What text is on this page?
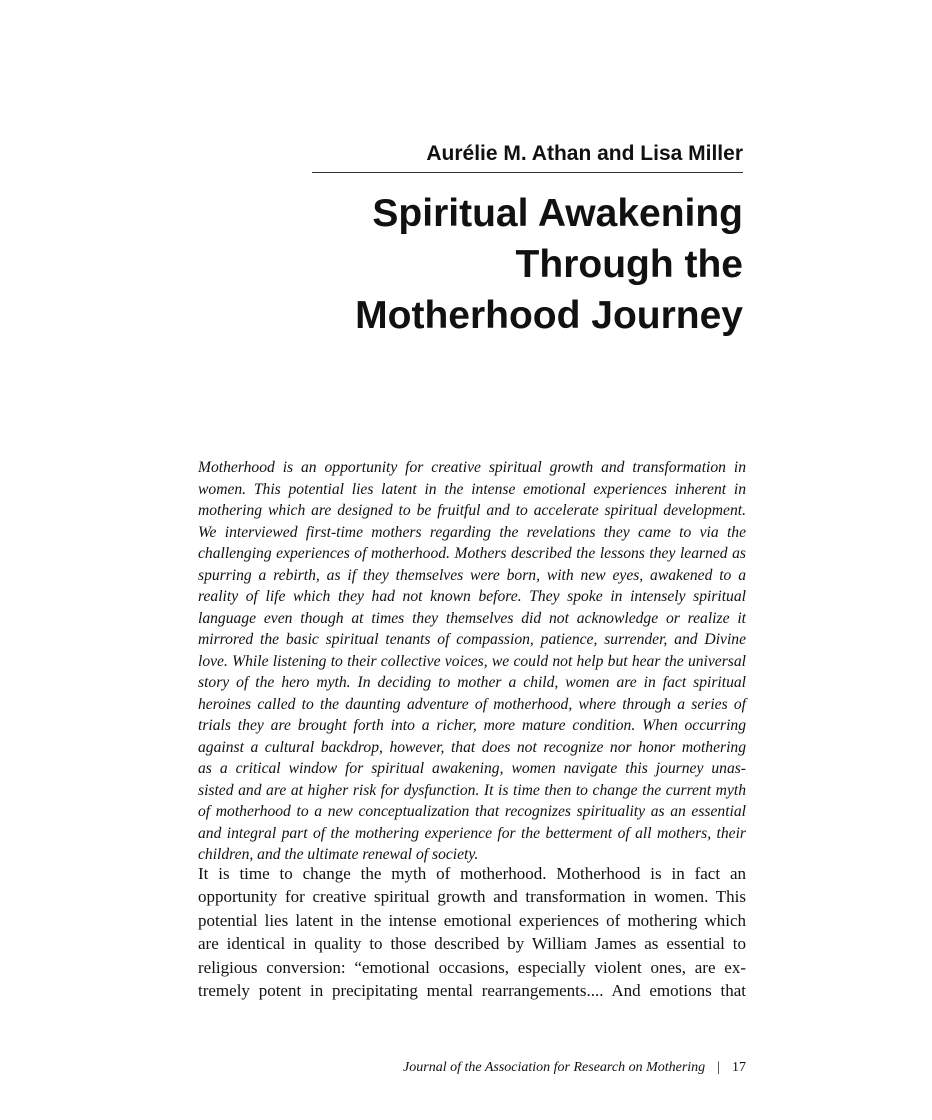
Aurélie M. Athan and Lisa Miller
Spiritual Awakening
Through the
Motherhood Journey
Motherhood is an opportunity for creative spiritual growth and transformation in
women. This potential lies latent in the intense emotional experiences inherent in
mothering which are designed to be fruitful and to accelerate spiritual development.
We interviewed first-time mothers regarding the revelations they came to via the
challenging experiences of motherhood. Mothers described the lessons they learned as
spurring a rebirth, as if they themselves were born, with new eyes, awakened to a
reality of life which they had not known before. They spoke in intensely spiritual
language even though at times they themselves did not acknowledge or realize it
mirrored the basic spiritual tenants of compassion, patience, surrender, and Divine
love. While listening to their collective voices, we could not help but hear the universal
story of the hero myth. In deciding to mother a child, women are in fact spiritual
heroines called to the daunting adventure of motherhood, where through a series of
trials they are brought forth into a richer, more mature condition. When occurring
against a cultural backdrop, however, that does not recognize nor honor mothering
as a critical window for spiritual awakening, women navigate this journey unas-
sisted and are at higher risk for dysfunction. It is time then to change the current myth
of motherhood to a new conceptualization that recognizes spirituality as an essential
and integral part of the mothering experience for the betterment of all mothers, their
children, and the ultimate renewal of society.
It is time to change the myth of motherhood. Motherhood is in fact an
opportunity for creative spiritual growth and transformation in women. This
potential lies latent in the intense emotional experiences of mothering which
are identical in quality to those described by William James as essential to
religious conversion: “emotional occasions, especially violent ones, are ex-
tremely potent in precipitating mental rearrangements.... And emotions that
Journal of the Association for Research on Mothering | 17
